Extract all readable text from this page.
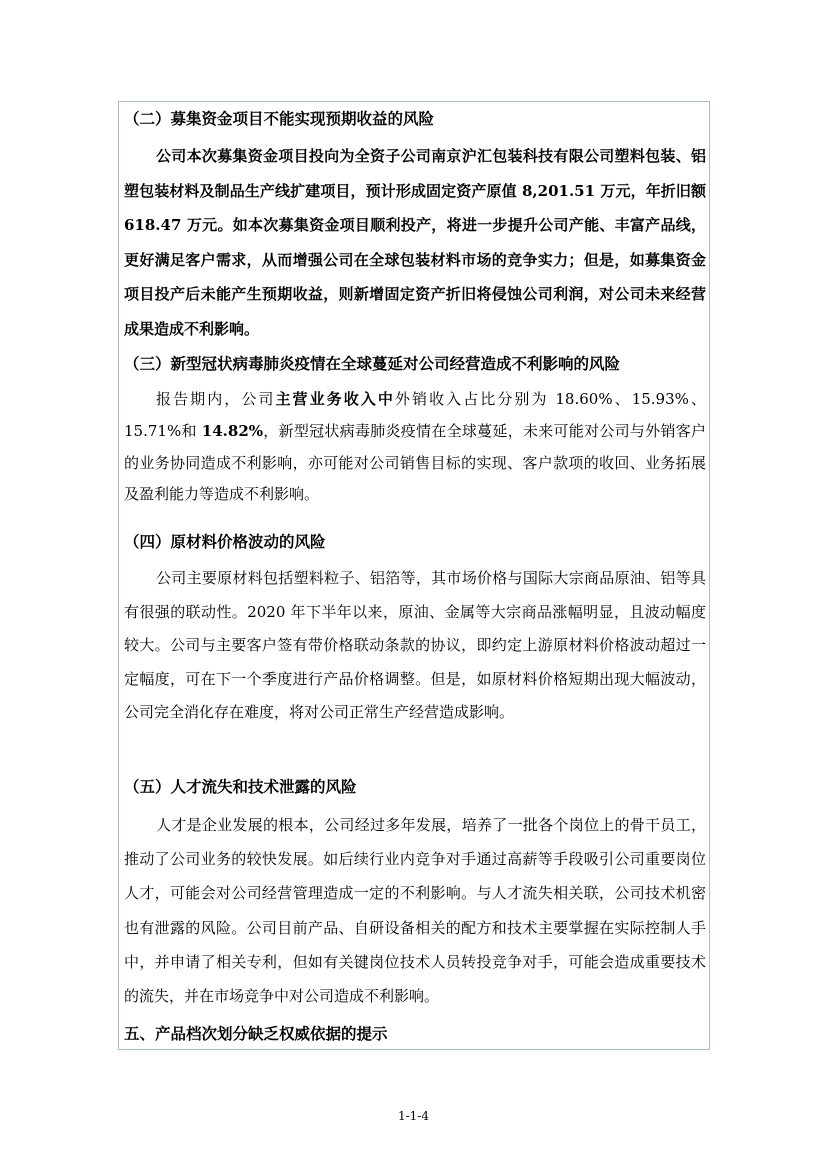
（二）募集资金项目不能实现预期收益的风险

公司本次募集资金项目投向为全资子公司南京沪汇包装科技有限公司塑料包装、铝塑包装材料及制品生产线扩建项目，预计形成固定资产原值 8,201.51 万元，年折旧额 618.47 万元。如本次募集资金项目顺利投产，将进一步提升公司产能、丰富产品线，更好满足客户需求，从而增强公司在全球包装材料市场的竞争实力；但是，如募集资金项目投产后未能产生预期收益，则新增固定资产折旧将侵蚀公司利润，对公司未来经营成果造成不利影响。

（三）新型冠状病毒肺炎疫情在全球蔓延对公司经营造成不利影响的风险

报告期内，公司主营业务收入中外销收入占比分别为 18.60%、15.93%、15.71%和 14.82%，新型冠状病毒肺炎疫情在全球蔓延，未来可能对公司与外销客户的业务协同造成不利影响，亦可能对公司销售目标的实现、客户款项的收回、业务拓展及盈利能力等造成不利影响。

（四）原材料价格波动的风险

公司主要原材料包括塑料粒子、铝箔等，其市场价格与国际大宗商品原油、铝等具有很强的联动性。2020 年下半年以来，原油、金属等大宗商品涨幅明显，且波动幅度较大。公司与主要客户签有带价格联动条款的协议，即约定上游原材料价格波动超过一定幅度，可在下一个季度进行产品价格调整。但是，如原材料价格短期出现大幅波动，公司完全消化存在难度，将对公司正常生产经营造成影响。

（五）人才流失和技术泄露的风险

人才是企业发展的根本，公司经过多年发展，培养了一批各个岗位上的骨干员工，推动了公司业务的较快发展。如后续行业内竞争对手通过高薪等手段吸引公司重要岗位人才，可能会对公司经营管理造成一定的不利影响。与人才流失相关联，公司技术机密也有泄露的风险。公司目前产品、自研设备相关的配方和技术主要掌握在实际控制人手中，并申请了相关专利，但如有关键岗位技术人员转投竞争对手，可能会造成重要技术的流失，并在市场竞争中对公司造成不利影响。

五、产品档次划分缺乏权威依据的提示

1-1-4
